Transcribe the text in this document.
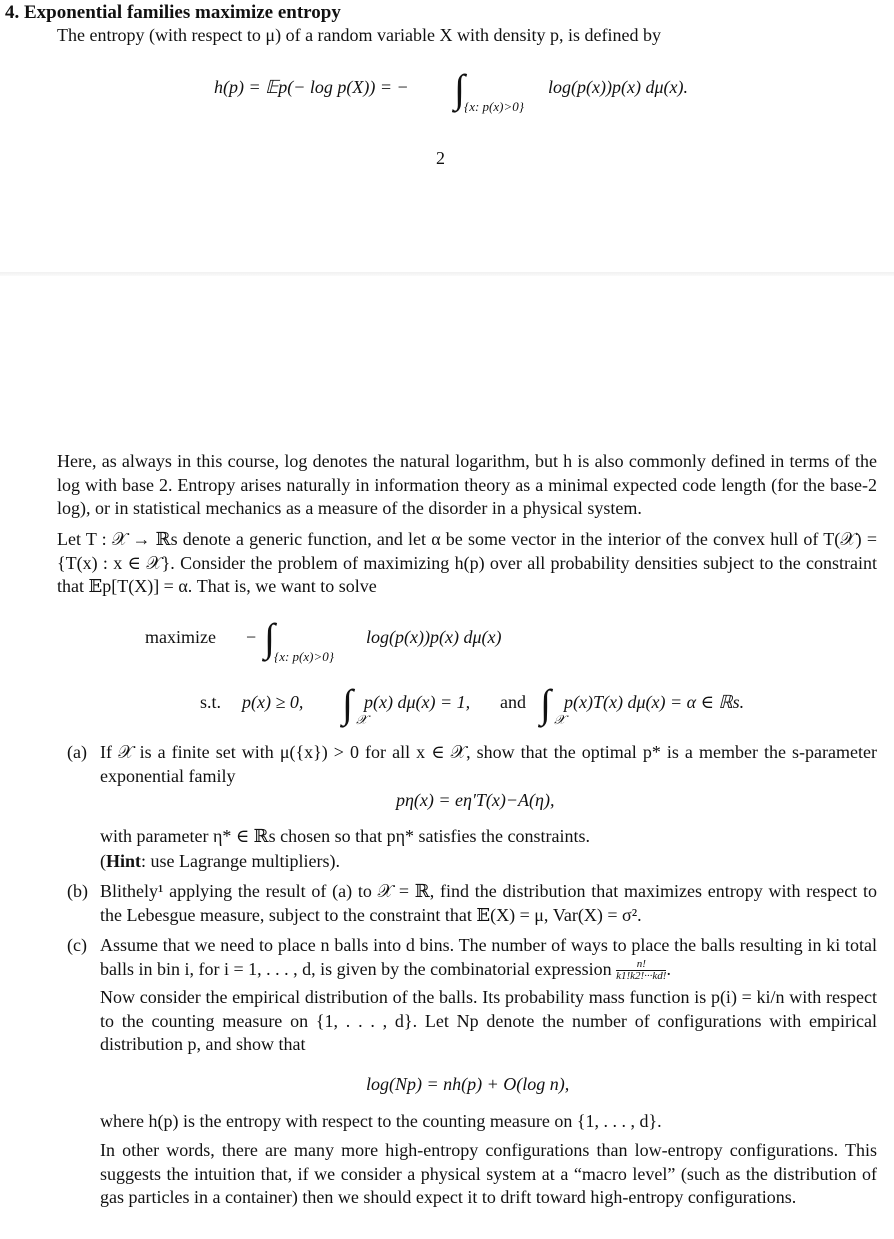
4. Exponential families maximize entropy
The entropy (with respect to μ) of a random variable X with density p, is defined by
h(p) = 𝔼p(− log p(X)) = − ∫ {x: p(x)>0}
log(p(x))p(x) dμ(x).
2
Here, as always in this course, log denotes the natural logarithm, but h is also commonly defined in terms of the log with base 2. Entropy arises naturally in information theory as a minimal expected code length (for the base-2 log), or in statistical mechanics as a measure of the disorder in a physical system.
Let T : 𝒳 → ℝs denote a generic function, and let α be some vector in the interior of the convex hull of T(𝒳) = {T(x) : x ∈ 𝒳}. Consider the problem of maximizing h(p) over all probability densities subject to the constraint that 𝔼p[T(X)] = α. That is, we want to solve
maximize − ∫ {x: p(x)>0}
log(p(x))p(x) dμ(x)
s.t. p(x) ≥ 0, ∫ 𝒳
p(x) dμ(x) = 1, and ∫ 𝒳
p(x)T(x) dμ(x) = α ∈ ℝs.
(a) If 𝒳 is a finite set with μ({x}) > 0 for all x ∈ 𝒳, show that the optimal p* is a member the s-parameter exponential family
pη(x) = eη′T(x)−A(η),
with parameter η* ∈ ℝs chosen so that pη* satisfies the constraints.
(Hint: use Lagrange multipliers).
(b) Blithely¹ applying the result of (a) to 𝒳 = ℝ, find the distribution that maximizes entropy with respect to the Lebesgue measure, subject to the constraint that 𝔼(X) = μ, Var(X) = σ².
(c) Assume that we need to place n balls into d bins. The number of ways to place the balls resulting in ki total balls in bin i, for i = 1, . . . , d, is given by the combinatorial expression $\frac{n!}{k1!k2!\cdot\cdot\cdot kd!}$ .
Now consider the empirical distribution of the balls. Its probability mass function is p(i) = ki/n with respect to the counting measure on {1, . . . , d}. Let Np denote the number of configurations with empirical distribution p, and show that
log(Np) = nh(p) + O(log n),
where h(p) is the entropy with respect to the counting measure on {1, . . . , d}.
In other words, there are many more high-entropy configurations than low-entropy configurations. This suggests the intuition that, if we consider a physical system at a “macro level” (such as the distribution of gas particles in a container) then we should expect it to drift toward high-entropy configurations.
